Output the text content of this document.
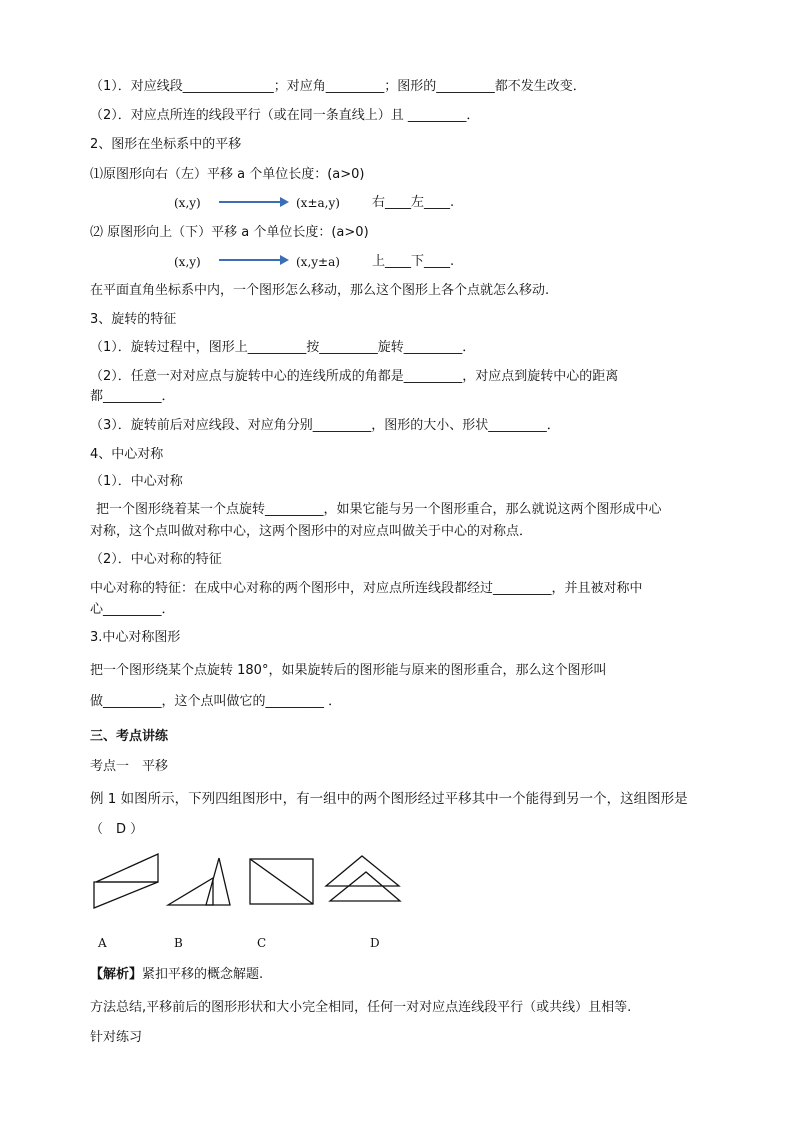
（1）．对应线段______________；对应角_________；图形的_________都不发生改变．
（2）．对应点所连的线段平行（或在同一条直线上）且 _________．
2、图形在坐标系中的平移
⑴原图形向右（左）平移 a 个单位长度：(a>0)
(x,y)	(x±a,y) 右____左____.
⑵ 原图形向上（下）平移 a 个单位长度：(a>0)
(x,y)	(x,y±a) 上____下____.
在平面直角坐标系中内，一个图形怎么移动，那么这个图形上各个点就怎么移动.
3、旋转的特征
（1）．旋转过程中，图形上_________按_________旋转_________．
（2）．任意一对对应点与旋转中心的连线所成的角都是_________，对应点到旋转中心的距离
都_________．
（3）．旋转前后对应线段、对应角分别_________，图形的大小、形状_________．
4、中心对称
（1）．中心对称
把一个图形绕着某一个点旋转_________，如果它能与另一个图形重合，那么就说这两个图形成中心
对称，这个点叫做对称中心，这两个图形中的对应点叫做关于中心的对称点．
（2）．中心对称的特征
中心对称的特征：在成中心对称的两个图形中，对应点所连线段都经过_________，并且被对称中
心_________．
3.中心对称图形
把一个图形绕某个点旋转 180°，如果旋转后的图形能与原来的图形重合，那么这个图形叫
做_________，这个点叫做它的_________ ．
三、考点讲练
考点一　平移
例 1 如图所示，下列四组图形中，有一组中的两个图形经过平移其中一个能得到另一个，这组图形是
（　D ）
A	B	C	D
【解析】紧扣平移的概念解题.
方法总结,平移前后的图形形状和大小完全相同，任何一对对应点连线段平行（或共线）且相等.
针对练习
